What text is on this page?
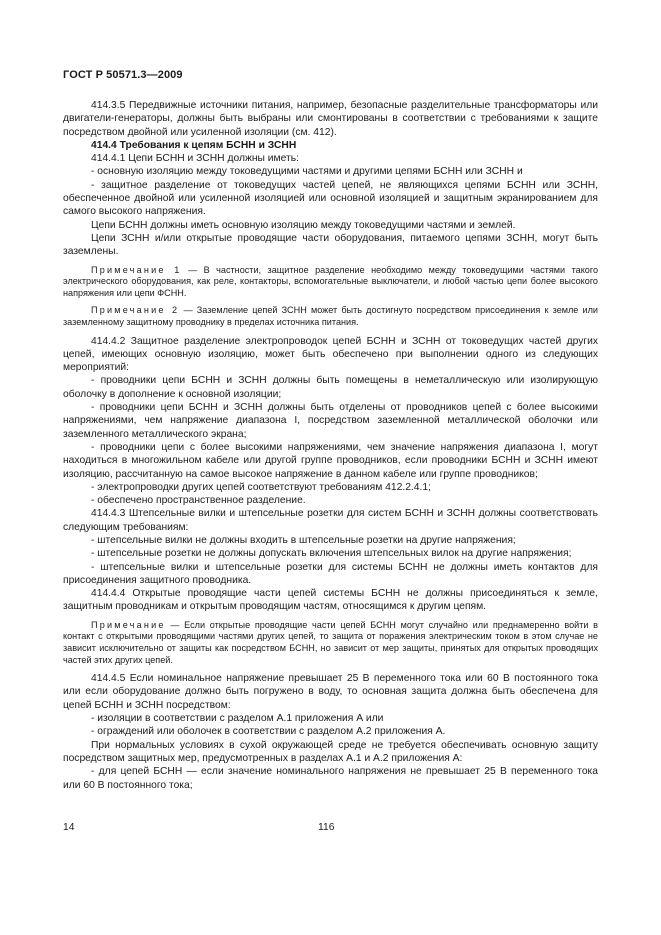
ГОСТ Р 50571.3—2009

414.3.5 Передвижные источники питания, например, безопасные разделительные трансформаторы или двигатели-генераторы, должны быть выбраны или смонтированы в соответствии с требованиями к защите посредством двойной или усиленной изоляции (см. 412).

414.4 Требования к цепям БСНН и ЗСНН

414.4.1 Цепи БСНН и ЗСНН должны иметь:

- основную изоляцию между токоведущими частями и другими цепями БСНН или ЗСНН и

- защитное разделение от токоведущих частей цепей, не являющихся цепями БСНН или ЗСНН, обеспеченное двойной или усиленной изоляцией или основной изоляцией и защитным экранированием для самого высокого напряжения.

Цепи БСНН должны иметь основную изоляцию между токоведущими частями и землей.

Цепи ЗСНН и/или открытые проводящие части оборудования, питаемого цепями ЗСНН, могут быть заземлены.

Примечание 1 — В частности, защитное разделение необходимо между токоведущими частями такого электрического оборудования, как реле, контакторы, вспомогательные выключатели, и любой частью цепи более высокого напряжения или цепи ФСНН.

Примечание 2 — Заземление цепей ЗСНН может быть достигнуто посредством присоединения к земле или заземленному защитному проводнику в пределах источника питания.

414.4.2 Защитное разделение электропроводок цепей БСНН и ЗСНН от токоведущих частей других цепей, имеющих основную изоляцию, может быть обеспечено при выполнении одного из следующих мероприятий:

- проводники цепи БСНН и ЗСНН должны быть помещены в неметаллическую или изолирующую оболочку в дополнение к основной изоляции;

- проводники цепи БСНН и ЗСНН должны быть отделены от проводников цепей с более высокими напряжениями, чем напряжение диапазона I, посредством заземленной металлической оболочки или заземленного металлического экрана;

- проводники цепи с более высокими напряжениями, чем значение напряжения диапазона I, могут находиться в многожильном кабеле или другой группе проводников, если проводники БСНН и ЗСНН имеют изоляцию, рассчитанную на самое высокое напряжение в данном кабеле или группе проводников;

- электропроводки других цепей соответствуют требованиям 412.2.4.1;

- обеспечено пространственное разделение.

414.4.3 Штепсельные вилки и штепсельные розетки для систем БСНН и ЗСНН должны соответствовать следующим требованиям:

- штепсельные вилки не должны входить в штепсельные розетки на другие напряжения;

- штепсельные розетки не должны допускать включения штепсельных вилок на другие напряжения;

- штепсельные вилки и штепсельные розетки для системы БСНН не должны иметь контактов для присоединения защитного проводника.

414.4.4 Открытые проводящие части цепей системы БСНН не должны присоединяться к земле, защитным проводникам и открытым проводящим частям, относящимся к другим цепям.

Примечание — Если открытые проводящие части цепей БСНН могут случайно или преднамеренно войти в контакт с открытыми проводящими частями других цепей, то защита от поражения электрическим током в этом случае не зависит исключительно от защиты как посредством БСНН, но зависит от мер защиты, принятых для открытых проводящих частей этих других цепей.

414.4.5 Если номинальное напряжение превышает 25 В переменного тока или 60 В постоянного тока или если оборудование должно быть погружено в воду, то основная защита должна быть обеспечена для цепей БСНН и ЗСНН посредством:

- изоляции в соответствии с разделом А.1 приложения А или

- ограждений или оболочек в соответствии с разделом А.2 приложения А.

При нормальных условиях в сухой окружающей среде не требуется обеспечивать основную защиту посредством защитных мер, предусмотренных в разделах А.1 и А.2 приложения А:

- для цепей БСНН — если значение номинального напряжения не превышает 25 В переменного тока или 60 В постоянного тока;

14	116
